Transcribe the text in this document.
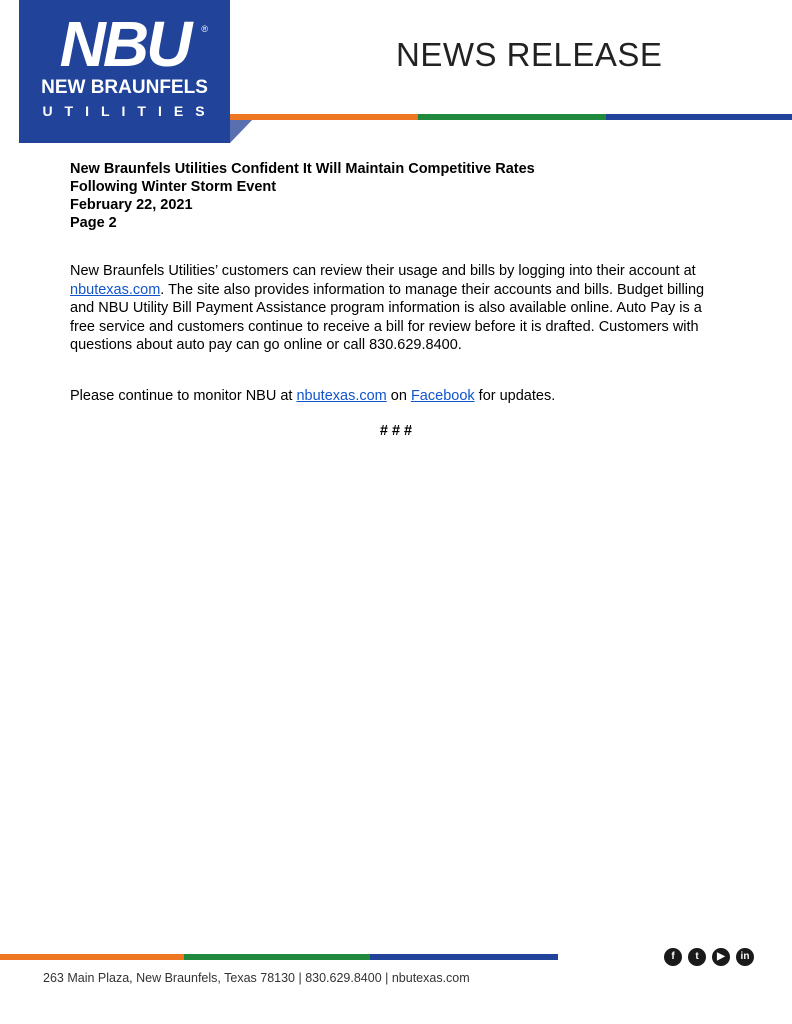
NBU	®
NEW BRAUNFELS
UTILITIES
NEWS RELEASE
New Braunfels Utilities Confident It Will Maintain Competitive Rates
Following Winter Storm Event
February 22, 2021
Page 2
New Braunfels Utilities’ customers can review their usage and bills by logging into their account at nbutexas.com. The site also provides information to manage their accounts and bills. Budget billing and NBU Utility Bill Payment Assistance program information is also available online. Auto Pay is a free service and customers continue to receive a bill for review before it is drafted. Customers with questions about auto pay can go online or call 830.629.8400.
Please continue to monitor NBU at nbutexas.com on Facebook for updates.
# # #
f	t	▶	in
263 Main Plaza, New Braunfels, Texas 78130 | 830.629.8400 | nbutexas.com
